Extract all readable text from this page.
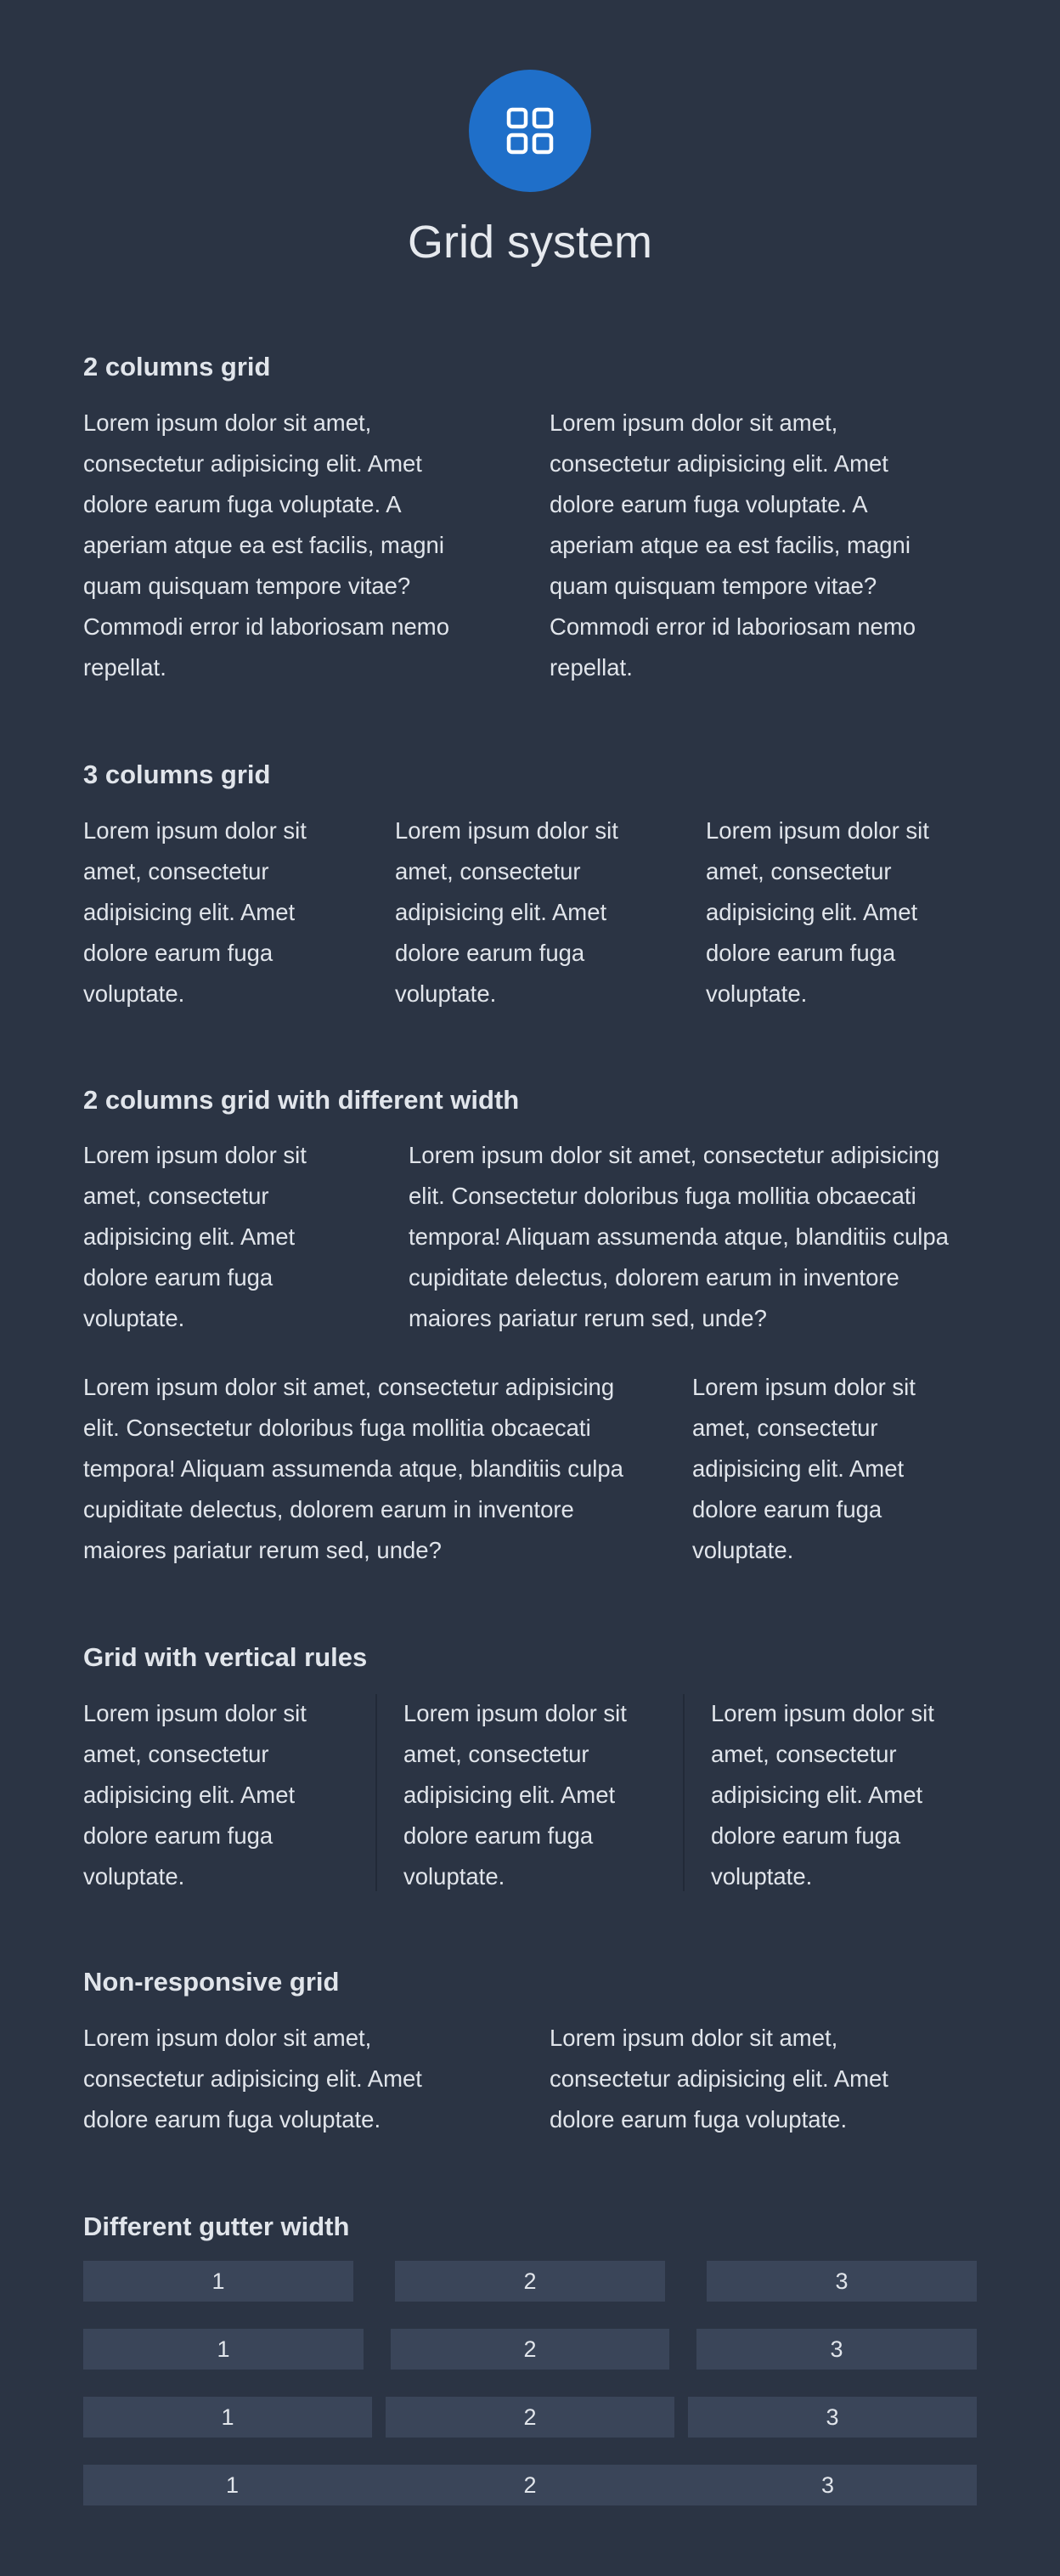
Grid system
2 columns grid

Lorem ipsum dolor sit amet, consectetur adipisicing elit. Amet dolore earum fuga voluptate. A aperiam atque ea est facilis, magni quam quisquam tempore vitae? Commodi error id laboriosam nemo repellat.

Lorem ipsum dolor sit amet, consectetur adipisicing elit. Amet dolore earum fuga voluptate. A aperiam atque ea est facilis, magni quam quisquam tempore vitae? Commodi error id laboriosam nemo repellat.

3 columns grid

Lorem ipsum dolor sit amet, consectetur adipisicing elit. Amet dolore earum fuga voluptate.

Lorem ipsum dolor sit amet, consectetur adipisicing elit. Amet dolore earum fuga voluptate.

Lorem ipsum dolor sit amet, consectetur adipisicing elit. Amet dolore earum fuga voluptate.

2 columns grid with different width

Lorem ipsum dolor sit amet, consectetur adipisicing elit. Amet dolore earum fuga voluptate.

Lorem ipsum dolor sit amet, consectetur adipisicing elit. Consectetur doloribus fuga mollitia obcaecati tempora! Aliquam assumenda atque, blanditiis culpa cupiditate delectus, dolorem earum in inventore maiores pariatur rerum sed, unde?

Lorem ipsum dolor sit amet, consectetur adipisicing elit. Consectetur doloribus fuga mollitia obcaecati tempora! Aliquam assumenda atque, blanditiis culpa cupiditate delectus, dolorem earum in inventore maiores pariatur rerum sed, unde?

Lorem ipsum dolor sit amet, consectetur adipisicing elit. Amet dolore earum fuga voluptate.

Grid with vertical rules

Lorem ipsum dolor sit amet, consectetur adipisicing elit. Amet dolore earum fuga voluptate.

Lorem ipsum dolor sit amet, consectetur adipisicing elit. Amet dolore earum fuga voluptate.

Lorem ipsum dolor sit amet, consectetur adipisicing elit. Amet dolore earum fuga voluptate.

Non-responsive grid

Lorem ipsum dolor sit amet, consectetur adipisicing elit. Amet dolore earum fuga voluptate.

Lorem ipsum dolor sit amet, consectetur adipisicing elit. Amet dolore earum fuga voluptate.

Different gutter width
1	2	3
1	2	3
1	2	3
1	2	3
